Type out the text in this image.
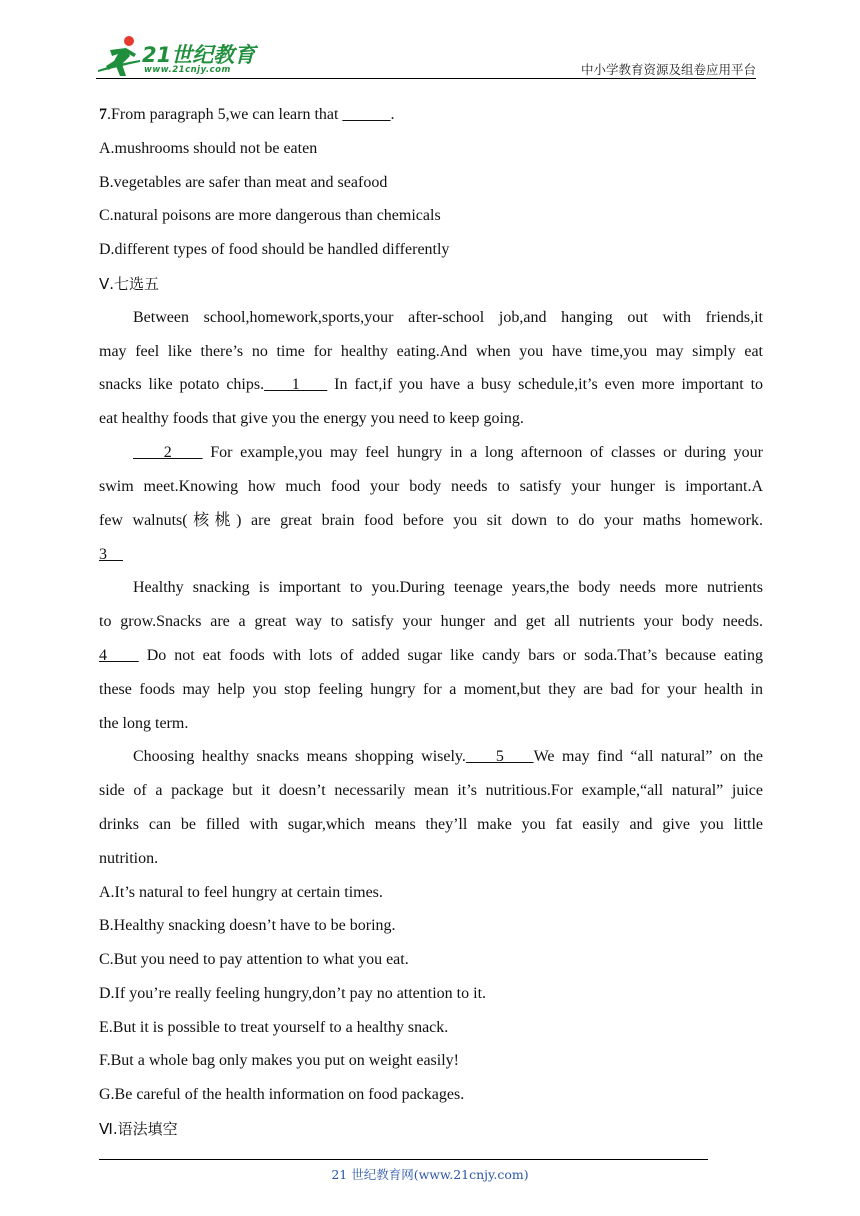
21世纪教育
www.21cnjy.com	中小学教育资源及组卷应用平台
7.From paragraph 5,we can learn that ______.
A.mushrooms should not be eaten
B.vegetables are safer than meat and seafood
C.natural poisons are more dangerous than chemicals
D.different types of food should be handled differently
Ⅴ.七选五
Between school,homework,sports,your after-school job,and hanging out with friends,it
may feel like there’s no time for healthy eating.And when you have time,you may simply eat
snacks like potato chips.    1     In fact,if you have a busy schedule,it’s even more important to
eat healthy foods that give you the energy you need to keep going.
2     For example,you may feel hungry in a long afternoon of classes or during your
swim meet.Knowing how much food your body needs to satisfy your hunger is important.A
few walnuts(核桃) are great brain food before you sit down to do your maths homework.
3
Healthy snacking is important to you.During teenage years,the body needs more nutrients
to grow.Snacks are a great way to satisfy your hunger and get all nutrients your body needs.
4     Do not eat foods with lots of added sugar like candy bars or soda.That’s because eating
these foods may help you stop feeling hungry for a moment,but they are bad for your health in
the long term.
Choosing healthy snacks means shopping wisely.    5    We may find “all natural” on the
side of a package but it doesn’t necessarily mean it’s nutritious.For example,“all natural” juice
drinks can be filled with sugar,which means they’ll make you fat easily and give you little
nutrition.
A.It’s natural to feel hungry at certain times.
B.Healthy snacking doesn’t have to be boring.
C.But you need to pay attention to what you eat.
D.If you’re really feeling hungry,don’t pay no attention to it.
E.But it is possible to treat yourself to a healthy snack.
F.But a whole bag only makes you put on weight easily!
G.Be careful of the health information on food packages.
Ⅵ.语法填空
21 世纪教育网(www.21cnjy.com)
